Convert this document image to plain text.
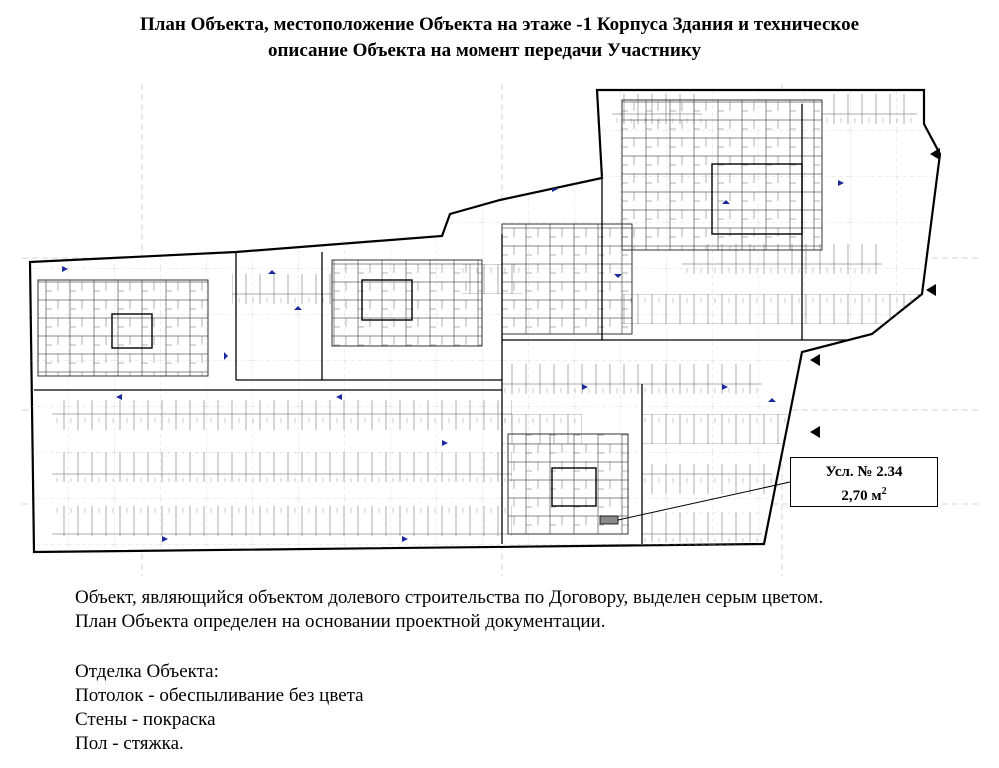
План Объекта, местоположение Объекта на этаже -1 Корпуса Здания и техническое
описание Объекта на момент передачи Участнику
Усл. № 2.34
2,70 $м^2$
Объект, являющийся объектом долевого строительства по Договору, выделен серым цветом.
План Объекта определен на основании проектной документации.
Отделка Объекта:
Потолок - обеспыливание без цвета
Стены - покраска
Пол - стяжка.
